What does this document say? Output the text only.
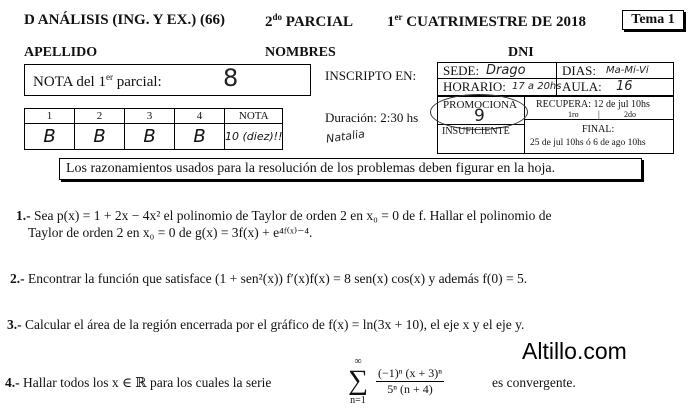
D ANÁLISIS (ING. Y EX.) (66)	$2^{do}$ PARCIAL 1er CUATRIMESTRE DE 2018	Tema 1
APELLIDO	NOMBRES	DNI
NOTA del 1er parcial:	8	INSCRIPTO EN: SEDE: Drago	DIAS: Ma-Mi-Vi
HORARIO: 17 a 20hs AULA: 16
1	2	3	4	NOTA
B	B	B	B	10 (diez)!!	Natalia
Duración: 2:30 hs
PROMOCIONA
9
INSUFICIENTE
RECUPERA: 12 de jul 10hs
1ro |	2do
FINAL:
25 de jul 10hs ó 6 de ago 10hs
Los razonamientos usados para la resolución de los problemas deben figurar en la hoja.
1.- Sea p(x) = 1 + 2x − 4x² el polinomio de Taylor de orden 2 en x₀ = 0 de f. Hallar el polinomio de
Taylor de orden 2 en x₀ = 0 de g(x) = 3f(x) + e⁴ᶠ⁽ˣ⁾⁻⁴.
2.- Encontrar la función que satisface (1 + sen²(x)) f′(x)f(x) = 8 sen(x) cos(x) y además f(0) = 5.
3.- Calcular el área de la región encerrada por el gráfico de f(x) = ln(3x + 10), el eje x y el eje y.
4.- Hallar todos los x ∈ ℝ para los cuales la serie
∞
∑
n=1
$\frac{\text{(−1)ⁿ (x + 3)ⁿ}}{\text{5ⁿ (n + 4)}}$	es convergente.
Altillo.com
